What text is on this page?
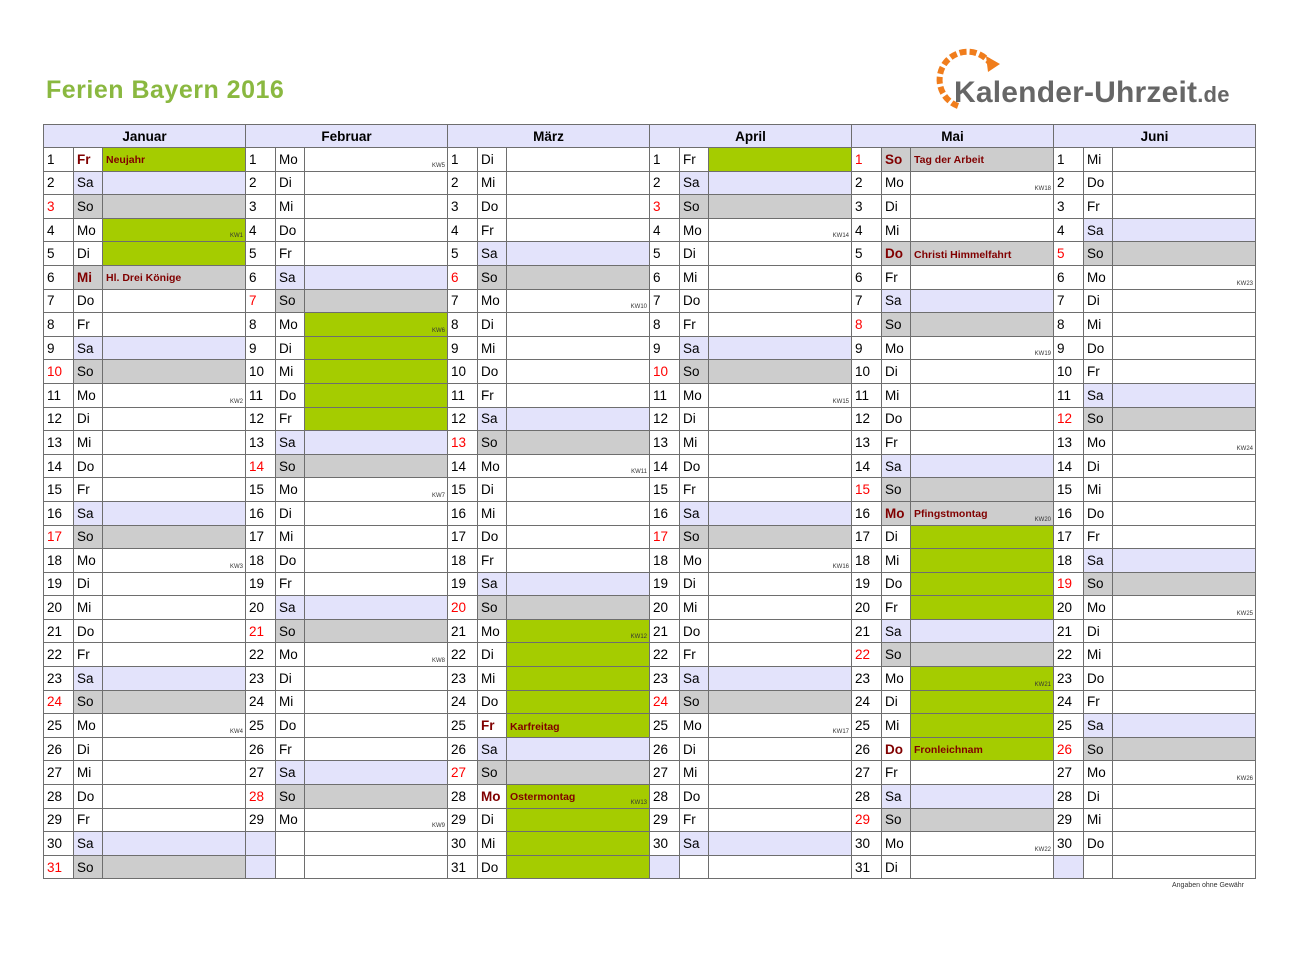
Ferien Bayern 2016	Kalender-Uhrzeit.de
Januar			Februar			März			April			Mai			Juni		
1	Fr	Neujahr	1	Mo	KW5	1	Di		1	Fr		1	So	Tag der Arbeit	1	Mi	
2	Sa		2	Di		2	Mi		2	Sa		2	Mo	KW18	2	Do	
3	So		3	Mi		3	Do		3	So		3	Di		3	Fr	
4	Mo	KW1	4	Do		4	Fr		4	Mo	KW14	4	Mi		4	Sa	
5	Di		5	Fr		5	Sa		5	Di		5	Do	Christi Himmelfahrt	5	So	
6	Mi	Hl. Drei Könige	6	Sa		6	So		6	Mi		6	Fr		6	Mo	KW23

7	Do		7	So		7	Mo	KW10	7	Do		7	Sa		7	Di	
8	Fr		8	Mo	KW6	8	Di		8	Fr		8	So		8	Mi	
9	Sa		9	Di		9	Mi		9	Sa		9	Mo	KW19	9	Do	
10	So		10	Mi		10	Do		10	So		10	Di		10	Fr	
11	Mo	KW2	11	Do		11	Fr		11	Mo	KW15	11	Mi		11	Sa	
12	Di		12	Fr		12	Sa		12	Di		12	Do		12	So	
13	Mi		13	Sa		13	So		13	Mi		13	Fr		13	Mo	KW24

14	Do		14	So		14	Mo	KW11	14	Do		14	Sa		14	Di	
15	Fr		15	Mo	KW7	15	Di		15	Fr		15	So		15	Mi	
16	Sa		16	Di		16	Mi		16	Sa		16	Mo	Pfingstmontag KW20	16	Do	
17	So		17	Mi		17	Do		17	So		17	Di		17	Fr	
18	Mo	KW3	18	Do		18	Fr		18	Mo	KW16	18	Mi		18	Sa	
19	Di		19	Fr		19	Sa		19	Di		19	Do		19	So	
20	Mi		20	Sa		20	So		20	Mi		20	Fr		20	Mo	KW25

21	Do		21	So		21	Mo	KW12	21	Do		21	Sa		21	Di	
22	Fr		22	Mo	KW8	22	Di		22	Fr		22	So		22	Mi	
23	Sa		23	Di		23	Mi		23	Sa		23	Mo	KW21	23	Do	
24	So		24	Mi		24	Do		24	So		24	Di		24	Fr	
25	Mo	KW4	25	Do		25	Fr	Karfreitag	25	Mo	KW17	25	Mi		25	Sa	
26	Di		26	Fr		26	Sa		26	Di		26	Do	Fronleichnam	26	So	
27	Mi		27	Sa		27	So		27	Mi		27	Fr		27	Mo	KW26

28	Do		28	So		28	Mo	Ostermontag KW13	28	Do		28	Sa		28	Di	
29	Fr		29	Mo	KW9	29	Di		29	Fr		29	So		29	Mi	
30	Sa					30	Mi		30	Sa		30	Mo	KW22	30	Do	
31	So					31	Do					31	Di				
Angaben ohne Gewähr
